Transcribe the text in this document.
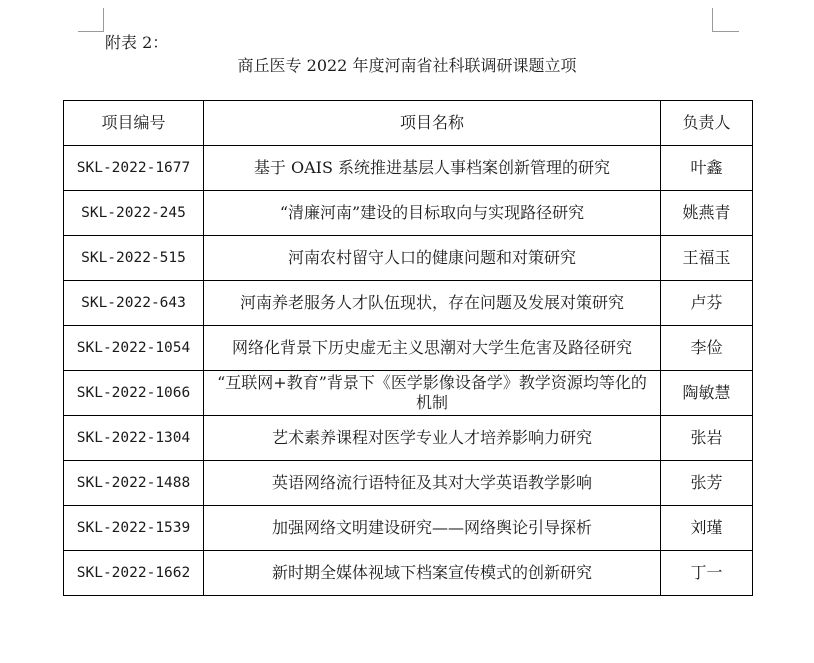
附表 2：
商丘医专 2022 年度河南省社科联调研课题立项
项目编号	项目名称	负责人
SKL-2022-1677	基于 OAIS 系统推进基层人事档案创新管理的研究	叶鑫
SKL-2022-245	“清廉河南”建设的目标取向与实现路径研究	姚燕青
SKL-2022-515	河南农村留守人口的健康问题和对策研究	王福玉
SKL-2022-643	河南养老服务人才队伍现状，存在问题及发展对策研究	卢芬
SKL-2022-1054	网络化背景下历史虚无主义思潮对大学生危害及路径研究	李俭
SKL-2022-1066	“互联网+教育”背景下《医学影像设备学》教学资源均等化的机制	陶敏慧
SKL-2022-1304	艺术素养课程对医学专业人才培养影响力研究	张岩
SKL-2022-1488	英语网络流行语特征及其对大学英语教学影响	张芳
SKL-2022-1539	加强网络文明建设研究——网络舆论引导探析	刘瑾
SKL-2022-1662	新时期全媒体视域下档案宣传模式的创新研究	丁一
